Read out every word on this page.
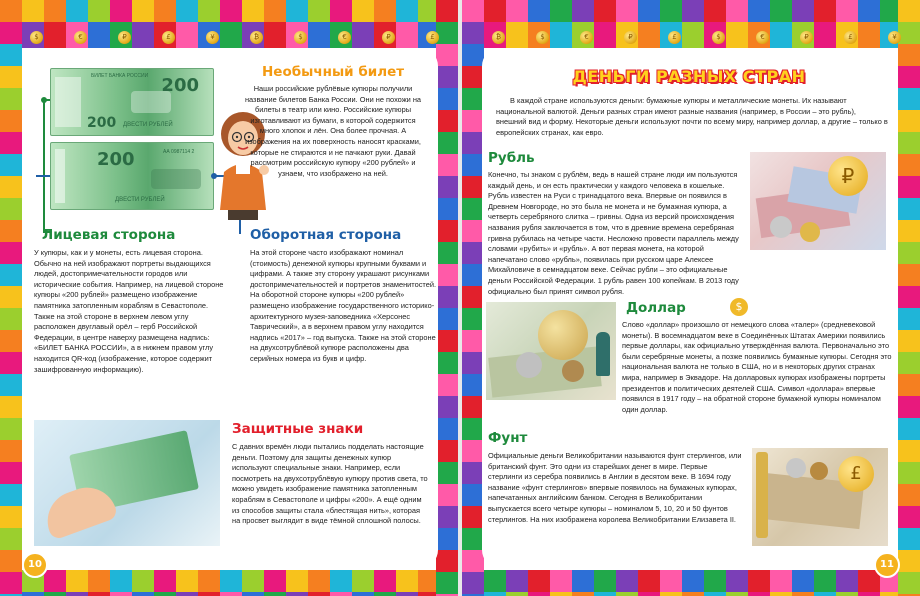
$	€	₽	£	¥	₿	$	€	₽	£
БИЛЕТ БАНКА РОССИИ 200
200 ДВЕСТИ РУБЛЕЙ
200	АА 0987114 2
ДВЕСТИ РУБЛЕЙ
Необычный билет

Наши российские рублёвые купюры получили название билетов Банка России. Они не похожи на билеты в театр или кино. Российские купюры изготавливают из бумаги, в которой содержится много хлопок и лён. Она более прочная. А изображения на их поверхность наносят красками, которые не стираются и не пачкают руки. Давай рассмотрим российскую купюру «200 рублей» и узнаем, что изображено на ней.

Лицевая сторона

У купюры, как и у монеты, есть лицевая сторона. Обычно на ней изображают портреты выдающихся людей, достопримечательности городов или исторические события. Например, на лицевой стороне купюры «200 рублей» размещено изображение памятника затопленным кораблям в Севастополе. Также на этой стороне в верхнем левом углу расположен двуглавый орёл – герб Российской Федерации, в центре наверху размещена надпись: «БИЛЕТ БАНКА РОССИИ», а в нижнем правом углу находится QR-код (изображение, которое содержит зашифрованную информацию).

Оборотная сторона

На этой стороне часто изображают номинал (стоимость) денежной купюры крупными буквами и цифрами. А также эту сторону украшают рисунками достопримечательностей и портретов знаменитостей. На оборотной стороне купюры «200 рублей» размещено изображение государственного историко-архитектурного музея-заповедника «Херсонес Таврический», а в верхнем правом углу находится надпись «2017» – год выпуска. Также на этой стороне на двухсотрублёвой купюре расположены два серийных номера из букв и цифр.

Защитные знаки

С давних времён люди пытались подделать настоящие деньги. Поэтому для защиты денежных купюр используют специальные знаки. Например, если посмотреть на двухсотрублёвую купюру против света, то можно увидеть изображение памятника затопленным кораблям в Севастополе и цифры «200». А ещё одним из способов защиты стала «блестящая нить», которая на просвет выглядит в виде тёмной сплошной полосы.

10
₿	$	€	₽	£	$	€	₽	£	¥
ДЕНЬГИ РАЗНЫХ СТРАН

В каждой стране используются деньги: бумажные купюры и металлические монеты. Их называют национальной валютой. Деньги разных стран имеют разные названия (например, в России – это рубль), внешний вид и форму. Некоторые деньги используют почти по всему миру, например доллар, а другие – только в европейских странах, как евро.

Рубль

Конечно, ты знаком с рублём, ведь в нашей стране люди им пользуются каждый день, и он есть практически у каждого человека в кошельке. Рубль известен на Руси с тринадцатого века. Впервые он появился в Древнем Новгороде, но это была не монета и не бумажная купюра, а четверть серебряного слитка – гривны. Одна из версий происхождения названия рубля заключается в том, что в древние времена серебряная гривна рубилась на четыре части. Несложно провести параллель между словами «рубить» и «рубль». А вот первая монета, на которой напечатано слово «рубль», появилась при русском царе Алексее Михайловиче в семнадцатом веке. Сейчас рубли – это официальные деньги Российской Федерации. 1 рубль равен 100 копейкам. В 2013 году официально был принят символ рубля.

₽
Доллар	$

Слово «доллар» произошло от немецкого слова «талер» (средневековой монеты). В восемнадцатом веке в Соединённых Штатах Америки появились первые доллары, как официально утверждённая валюта. Первоначально это были серебряные монеты, а позже появились бумажные купюры. Сегодня это национальная валюта не только в США, но и в некоторых других странах мира, например в Эквадоре. На долларовых купюрах изображены портреты президентов и политических деятелей США. Символ «доллара» впервые появился в 1917 году – на обратной стороне бумажной купюры номиналом один доллар.

Фунт

Официальные деньги Великобритании называются фунт стерлингов, или британский фунт. Это одни из старейших денег в мире. Первые стерлинги из серебра появились в Англии в десятом веке. В 1694 году название «фунт стерлингов» впервые появилось на бумажных купюрах, напечатанных английским банком. Сегодня в Великобритании выпускается всего четыре купюры – номиналом 5, 10, 20 и 50 фунтов стерлингов. На них изображена королева Великобритании Елизавета II.

£
11
